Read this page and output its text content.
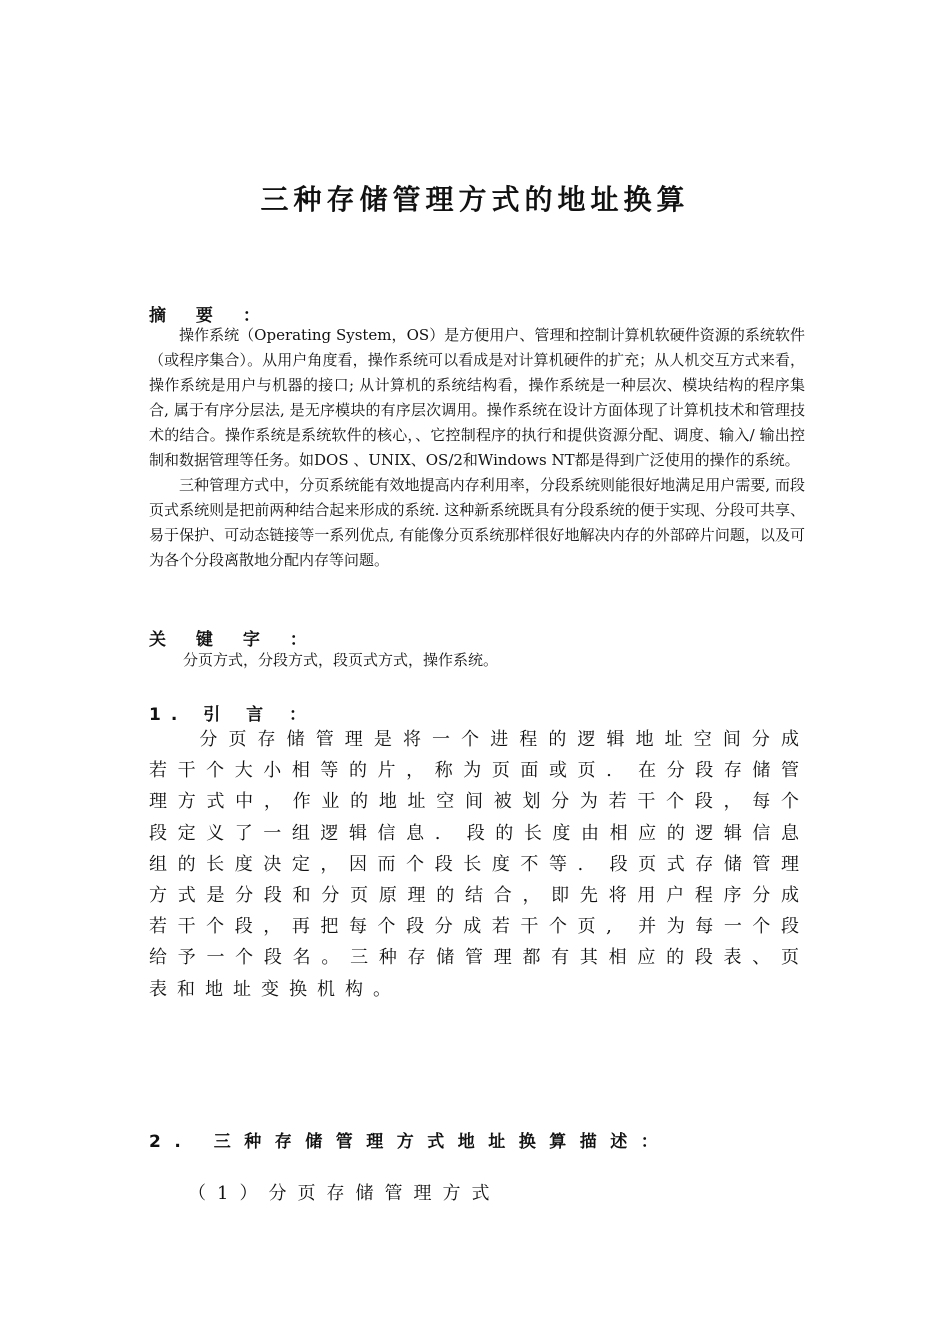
三种存储管理方式的地址换算
摘 要 ：

操作系统（Operating System，OS）是方便用户、管理和控制计算机软硬件资源的系统软件（或程序集合）。从用户角度看，操作系统可以看成是对计算机硬件的扩充；从人机交互方式来看，操作系统是用户与机器的接口; 从计算机的系统结构看，操作系统是一种层次、模块结构的程序集合, 属于有序分层法, 是无序模块的有序层次调用。操作系统在设计方面体现了计算机技术和管理技术的结合。操作系统是系统软件的核心，、它控制程序的执行和提供资源分配、调度、输入/ 输出控制和数据管理等任务。如DOS 、UNIX、OS/2和Windows NT都是得到广泛使用的操作的系统。

三种管理方式中，分页系统能有效地提高内存利用率，分段系统则能很好地满足用户需要, 而段页式系统则是把前两种结合起来形成的系统. 这种新系统既具有分段系统的便于实现、分段可共享、易于保护、可动态链接等一系列优点, 有能像分页系统那样很好地解决内存的外部碎片问题，以及可为各个分段离散地分配内存等问题。

关 键 字 ：
分页方式，分段方式，段页式方式，操作系统。
1. 引 言 ：

分页存储管理是将一个进程的逻辑地址空间分成若干个大小相等的片，称为页面或页. 在分段存储管理方式中，作业的地址空间被划分为若干个段，每个段定义了一组逻辑信息. 段的长度由相应的逻辑信息组的长度决定，因而个段长度不等. 段页式存储管理方式是分段和分页原理的结合，即先将用户程序分成若干个段，再把每个段分成若干个页, 并为每一个段给予一个段名。三种存储管理都有其相应的段表、页表和地址变换机构。

2. 三种存储管理方式地址换算描述：
（1）分页存储管理方式
